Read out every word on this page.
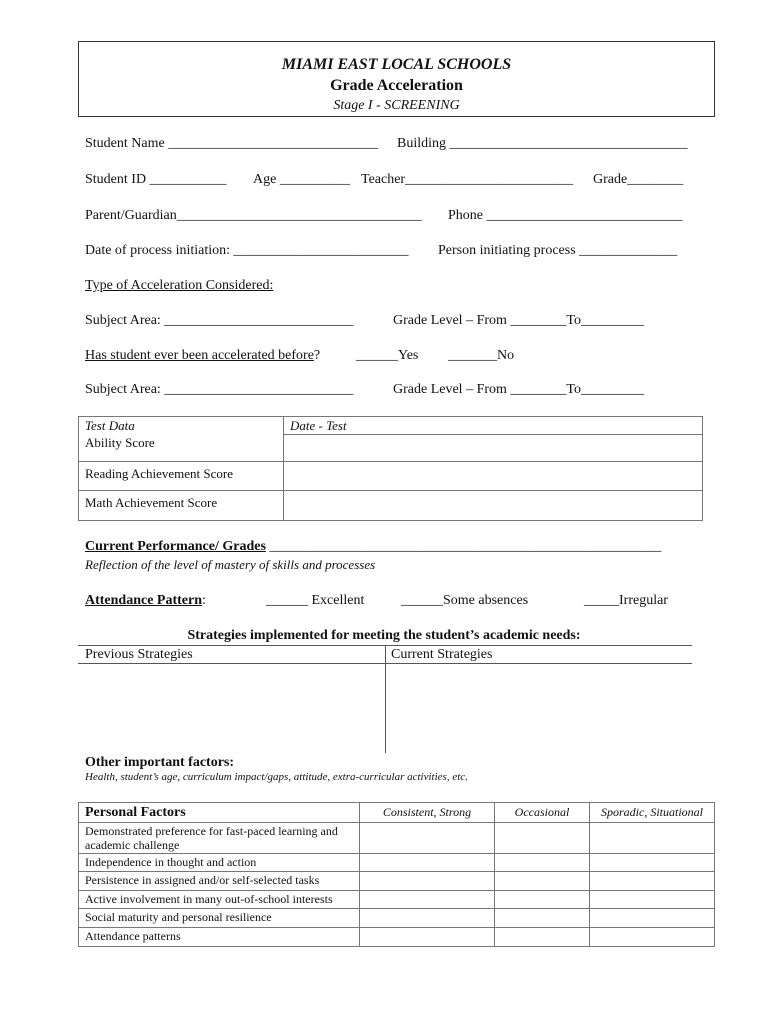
MIAMI EAST LOCAL SCHOOLS
Grade Acceleration
Stage I - SCREENING
Student Name ______________________________ Building __________________________________
Student ID ___________ Age __________ Teacher________________________ Grade________
Parent/Guardian___________________________________ Phone ____________________________
Date of process initiation: _________________________ Person initiating process ______________
Type of Acceleration Considered:
Subject Area: ___________________________	Grade Level – From ________To_________
Has student ever been accelerated before?	______Yes _______No
Subject Area: ___________________________	Grade Level – From ________To_________
Test Data	Date - Test
Ability Score	
Reading Achievement Score	
Math Achievement Score	
Current Performance/ Grades ________________________________________________________
Reflection of the level of mastery of skills and processes
Attendance Pattern:	______ Excellent	______Some absences	_____Irregular
Strategies implemented for meeting the student’s academic needs:
Previous Strategies	Current Strategies
Other important factors:
Health, student’s age, curriculum impact/gaps, attitude, extra-curricular activities, etc.
Personal Factors	Consistent, Strong	Occasional	Sporadic, Situational
Demonstrated preference for fast-paced learning and academic challenge			
Independence in thought and action			
Persistence in assigned and/or self-selected tasks			
Active involvement in many out-of-school interests			
Social maturity and personal resilience			
Attendance patterns			
